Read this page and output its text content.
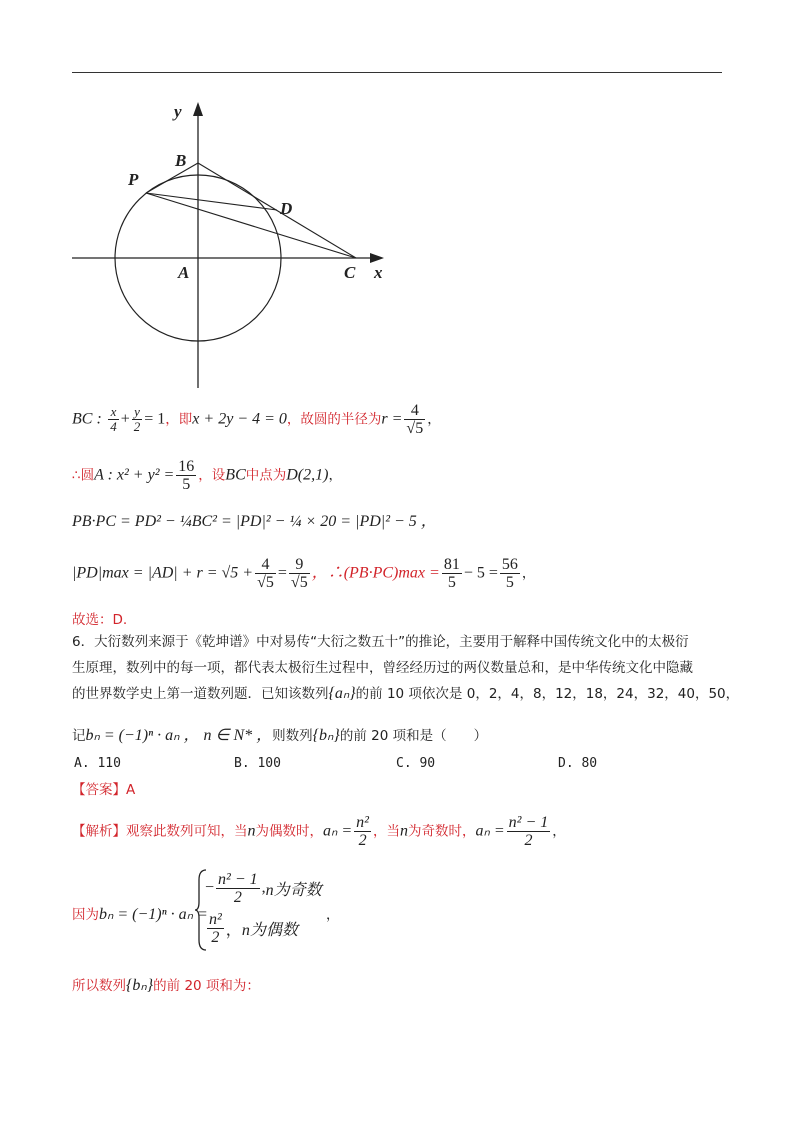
y
x
B
P
D
A	C
BC : $\frac{x}{4} + \frac{y}{2} = 1$，即x + 2y − 4 = 0，故圆的半径为$r = \frac{4}{√5}$ ，
∴圆A : $x^2 + y^2 = \frac{16}{5}$ ，设BC中点为D(2,1)，
PB·PC = PD² − ¼BC² = |PD|² − ¼ × 20 = |PD|² − 5 ，
$|PD|\max = |AD| + r = √5 + \frac{4}{√5} = \frac{9}{√5}$ ，∴(PB·PC)max = $\frac{81}{5} - 5 = \frac{56}{5}$ ，
故选：D.
6．大衍数列来源于《乾坤谱》中对易传“大衍之数五十”的推论，主要用于解释中国传统文化中的太极衍
生原理，数列中的每一项，都代表太极衍生过程中，曾经经历过的两仪数量总和，是中华传统文化中隐藏
的世界数学史上第一道数列题．已知该数列{aₙ}的前 10 项依次是 0，2，4，8，12，18，24，32，40，50，
记bₙ = (−1)ⁿ · aₙ ， n ∈ N* ，则数列{bₙ}的前 20 项和是（　　）
A. 110	B. 100	C. 90	D. 80
【答案】A
【解析】观察此数列可知，当n为偶数时，$a_n = \frac{\text{n²}}{2}$ ，当n为奇数时，$a_n = \frac{\text{n² − 1}}{2}$ ，
因为bₙ = (−1)ⁿ · aₙ =
− $\frac{\text{n² − 1}}{2}$ , n为奇数
$\frac{\text{n²}}{2}$ ， n为偶数
，
所以数列{bₙ}的前 20 项和为：
